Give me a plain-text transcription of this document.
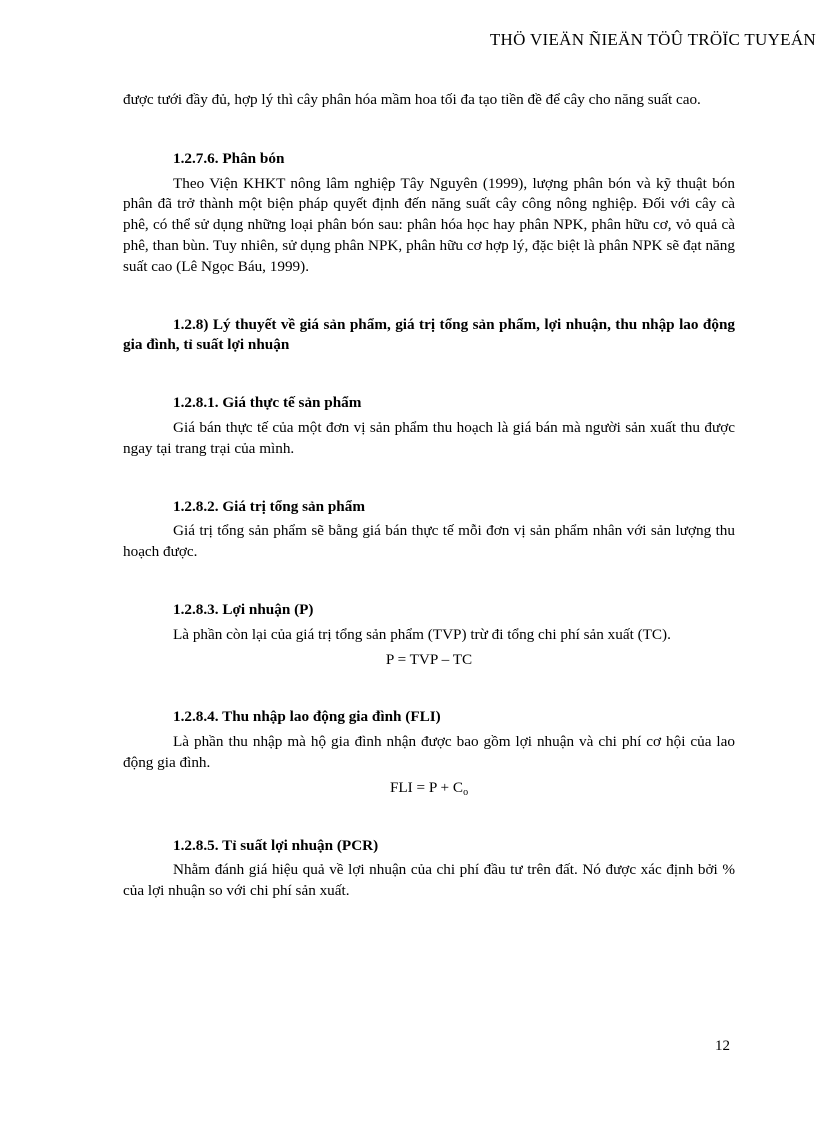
THÖ VIEÄN ÑIEÄN TÖÛ TRÖÏC TUYEÁN

được tưới đầy đủ, hợp lý thì cây phân hóa mầm hoa tối đa tạo tiền đề để cây cho năng suất cao.

1.2.7.6. Phân bón

Theo Viện KHKT nông lâm nghiệp Tây Nguyên (1999), lượng phân bón và kỹ thuật bón phân đã trở thành một biện pháp quyết định đến năng suất cây công nông nghiệp. Đối với cây cà phê, có thể sử dụng những loại phân bón sau: phân hóa học hay phân NPK, phân hữu cơ, vỏ quả cà phê, than bùn. Tuy nhiên, sử dụng phân NPK, phân hữu cơ hợp lý, đặc biệt là phân NPK sẽ đạt năng suất cao (Lê Ngọc Báu, 1999).

1.2.8) Lý thuyết về giá sản phẩm, giá trị tổng sản phẩm, lợi nhuận, thu nhập lao động gia đình, tỉ suất lợi nhuận

1.2.8.1. Giá thực tế sản phẩm

Giá bán thực tế của một đơn vị sản phẩm thu hoạch là giá bán mà người sản xuất thu được ngay tại trang trại của mình.

1.2.8.2. Giá trị tổng sản phẩm

Giá trị tổng sản phẩm sẽ bằng giá bán thực tế mỗi đơn vị sản phẩm nhân với sản lượng thu hoạch được.

1.2.8.3. Lợi nhuận (P)

Là phần còn lại của giá trị tổng sản phẩm (TVP) trừ đi tổng chi phí sản xuất (TC).

P = TVP – TC

1.2.8.4. Thu nhập lao động gia đình (FLI)

Là phần thu nhập mà hộ gia đình nhận được bao gồm lợi nhuận và chi phí cơ hội của lao động gia đình.

FLI = $P + C_o$

1.2.8.5. Tỉ suất lợi nhuận (PCR)

Nhằm đánh giá hiệu quả về lợi nhuận của chi phí đầu tư trên đất. Nó được xác định bởi % của lợi nhuận so với chi phí sản xuất.

12
